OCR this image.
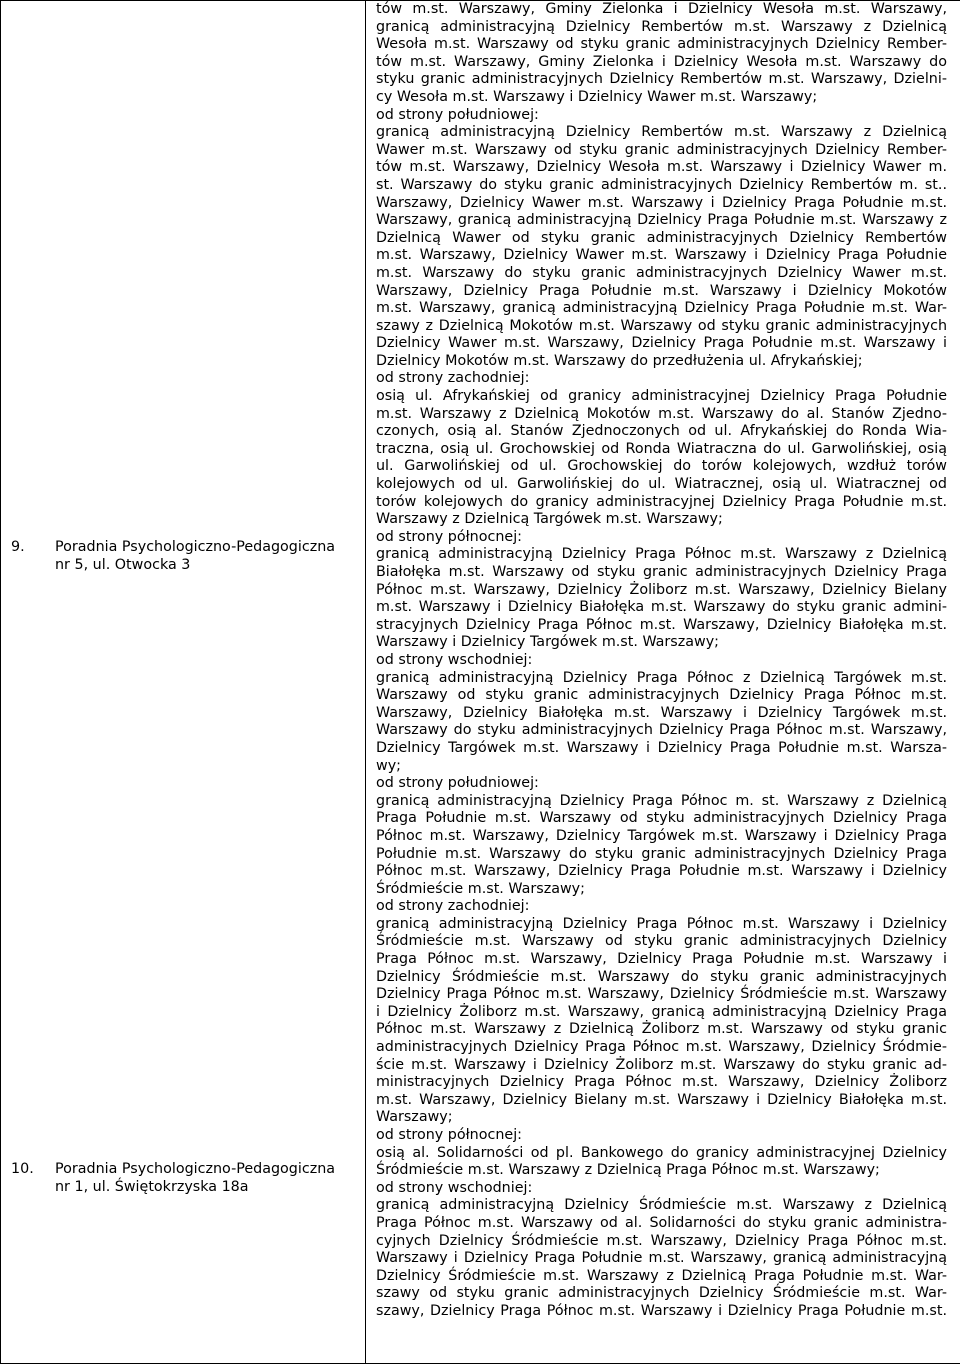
9. Poradnia Psychologiczno-Pedagogiczna
nr 5, ul. Otwocka 3
10. Poradnia Psychologiczno-Pedagogiczna
nr 1, ul. Świętokrzyska 18a

tów m.st. Warszawy, Gminy Zielonka i Dzielnicy Wesoła m.st. Warszawy,
granicą administracyjną Dzielnicy Rembertów m.st. Warszawy z Dzielnicą
Wesoła m.st. Warszawy od styku granic administracyjnych Dzielnicy Rember-
tów m.st. Warszawy, Gminy Zielonka i Dzielnicy Wesoła m.st. Warszawy do
styku granic administracyjnych Dzielnicy Rembertów m.st. Warszawy, Dzielni-
cy Wesoła m.st. Warszawy i Dzielnicy Wawer m.st. Warszawy;
od strony południowej:
granicą administracyjną Dzielnicy Rembertów m.st. Warszawy z Dzielnicą
Wawer m.st. Warszawy od styku granic administracyjnych Dzielnicy Rember-
tów m.st. Warszawy, Dzielnicy Wesoła m.st. Warszawy i Dzielnicy Wawer m.
st. Warszawy do styku granic administracyjnych Dzielnicy Rembertów m. st..
Warszawy, Dzielnicy Wawer m.st. Warszawy i Dzielnicy Praga Południe m.st.
Warszawy, granicą administracyjną Dzielnicy Praga Południe m.st. Warszawy z
Dzielnicą Wawer od styku granic administracyjnych Dzielnicy Rembertów
m.st. Warszawy, Dzielnicy Wawer m.st. Warszawy i Dzielnicy Praga Południe
m.st. Warszawy do styku granic administracyjnych Dzielnicy Wawer m.st.
Warszawy, Dzielnicy Praga Południe m.st. Warszawy i Dzielnicy Mokotów
m.st. Warszawy, granicą administracyjną Dzielnicy Praga Południe m.st. War-
szawy z Dzielnicą Mokotów m.st. Warszawy od styku granic administracyjnych
Dzielnicy Wawer m.st. Warszawy, Dzielnicy Praga Południe m.st. Warszawy i
Dzielnicy Mokotów m.st. Warszawy do przedłużenia ul. Afrykańskiej;
od strony zachodniej:
osią ul. Afrykańskiej od granicy administracyjnej Dzielnicy Praga Południe
m.st. Warszawy z Dzielnicą Mokotów m.st. Warszawy do al. Stanów Zjedno-
czonych, osią al. Stanów Zjednoczonych od ul. Afrykańskiej do Ronda Wia-
traczna, osią ul. Grochowskiej od Ronda Wiatraczna do ul. Garwolińskiej, osią
ul. Garwolińskiej od ul. Grochowskiej do torów kolejowych, wzdłuż torów
kolejowych od ul. Garwolińskiej do ul. Wiatracznej, osią ul. Wiatracznej od
torów kolejowych do granicy administracyjnej Dzielnicy Praga Południe m.st.
Warszawy z Dzielnicą Targówek m.st. Warszawy;
od strony północnej:
granicą administracyjną Dzielnicy Praga Północ m.st. Warszawy z Dzielnicą
Białołęka m.st. Warszawy od styku granic administracyjnych Dzielnicy Praga
Północ m.st. Warszawy, Dzielnicy Żoliborz m.st. Warszawy, Dzielnicy Bielany
m.st. Warszawy i Dzielnicy Białołęka m.st. Warszawy do styku granic admini-
stracyjnych Dzielnicy Praga Północ m.st. Warszawy, Dzielnicy Białołęka m.st.
Warszawy i Dzielnicy Targówek m.st. Warszawy;
od strony wschodniej:
granicą administracyjną Dzielnicy Praga Północ z Dzielnicą Targówek m.st.
Warszawy od styku granic administracyjnych Dzielnicy Praga Północ m.st.
Warszawy, Dzielnicy Białołęka m.st. Warszawy i Dzielnicy Targówek m.st.
Warszawy do styku administracyjnych Dzielnicy Praga Północ m.st. Warszawy,
Dzielnicy Targówek m.st. Warszawy i Dzielnicy Praga Południe m.st. Warsza-
wy;
od strony południowej:
granicą administracyjną Dzielnicy Praga Północ m. st. Warszawy z Dzielnicą
Praga Południe m.st. Warszawy od styku administracyjnych Dzielnicy Praga
Północ m.st. Warszawy, Dzielnicy Targówek m.st. Warszawy i Dzielnicy Praga
Południe m.st. Warszawy do styku granic administracyjnych Dzielnicy Praga
Północ m.st. Warszawy, Dzielnicy Praga Południe m.st. Warszawy i Dzielnicy
Śródmieście m.st. Warszawy;
od strony zachodniej:
granicą administracyjną Dzielnicy Praga Północ m.st. Warszawy i Dzielnicy
Śródmieście m.st. Warszawy od styku granic administracyjnych Dzielnicy
Praga Północ m.st. Warszawy, Dzielnicy Praga Południe m.st. Warszawy i
Dzielnicy Śródmieście m.st. Warszawy do styku granic administracyjnych
Dzielnicy Praga Północ m.st. Warszawy, Dzielnicy Śródmieście m.st. Warszawy
i Dzielnicy Żoliborz m.st. Warszawy, granicą administracyjną Dzielnicy Praga
Północ m.st. Warszawy z Dzielnicą Żoliborz m.st. Warszawy od styku granic
administracyjnych Dzielnicy Praga Północ m.st. Warszawy, Dzielnicy Śródmie-
ście m.st. Warszawy i Dzielnicy Żoliborz m.st. Warszawy do styku granic ad-
ministracyjnych Dzielnicy Praga Północ m.st. Warszawy, Dzielnicy Żoliborz
m.st. Warszawy, Dzielnicy Bielany m.st. Warszawy i Dzielnicy Białołęka m.st.
Warszawy;
od strony północnej:
osią al. Solidarności od pl. Bankowego do granicy administracyjnej Dzielnicy
Śródmieście m.st. Warszawy z Dzielnicą Praga Północ m.st. Warszawy;
od strony wschodniej:
granicą administracyjną Dzielnicy Śródmieście m.st. Warszawy z Dzielnicą
Praga Północ m.st. Warszawy od al. Solidarności do styku granic administra-
cyjnych Dzielnicy Śródmieście m.st. Warszawy, Dzielnicy Praga Północ m.st.
Warszawy i Dzielnicy Praga Południe m.st. Warszawy, granicą administracyjną
Dzielnicy Śródmieście m.st. Warszawy z Dzielnicą Praga Południe m.st. War-
szawy od styku granic administracyjnych Dzielnicy Śródmieście m.st. War-
szawy, Dzielnicy Praga Północ m.st. Warszawy i Dzielnicy Praga Południe m.st.
